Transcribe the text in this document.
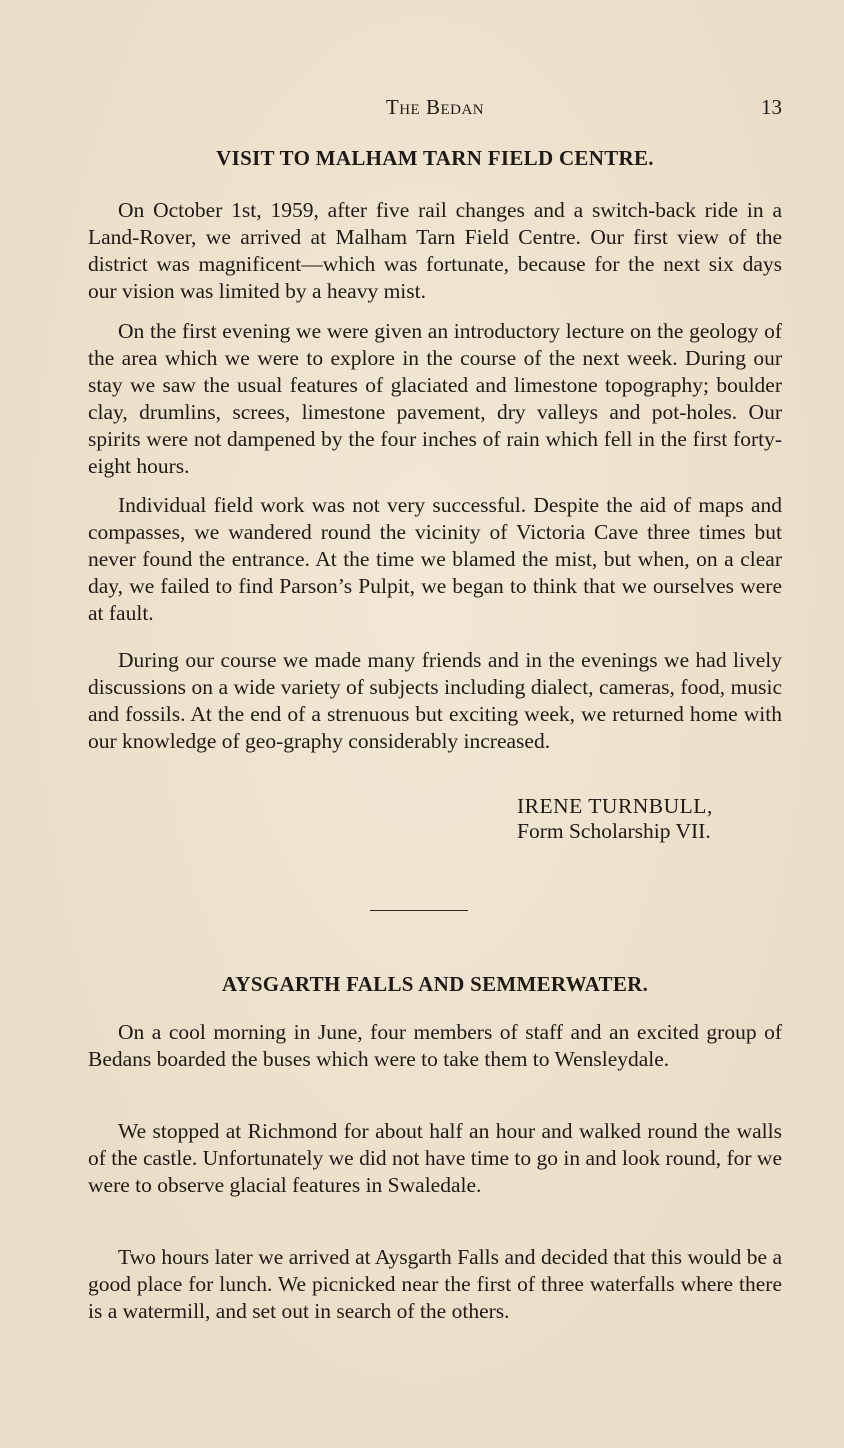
The Bedan	13
VISIT TO MALHAM TARN FIELD CENTRE.

On October 1st, 1959, after five rail changes and a switch-back ride in a Land-Rover, we arrived at Malham Tarn Field Centre. Our first view of the district was magnificent—which was fortunate, because for the next six days our vision was limited by a heavy mist.

On the first evening we were given an introductory lecture on the geology of the area which we were to explore in the course of the next week. During our stay we saw the usual features of glaciated and limestone topography; boulder clay, drumlins, screes, limestone pavement, dry valleys and pot-holes. Our spirits were not dampened by the four inches of rain which fell in the first forty-eight hours.

Individual field work was not very successful. Despite the aid of maps and compasses, we wandered round the vicinity of Victoria Cave three times but never found the entrance. At the time we blamed the mist, but when, on a clear day, we failed to find Parson’s Pulpit, we began to think that we ourselves were at fault.

During our course we made many friends and in the evenings we had lively discussions on a wide variety of subjects including dialect, cameras, food, music and fossils. At the end of a strenuous but exciting week, we returned home with our knowledge of geo-graphy considerably increased.

IRENE TURNBULL,
Form Scholarship VII.
AYSGARTH FALLS AND SEMMERWATER.

On a cool morning in June, four members of staff and an excited group of Bedans boarded the buses which were to take them to Wensleydale.

We stopped at Richmond for about half an hour and walked round the walls of the castle. Unfortunately we did not have time to go in and look round, for we were to observe glacial features in Swaledale.

Two hours later we arrived at Aysgarth Falls and decided that this would be a good place for lunch. We picnicked near the first of three waterfalls where there is a watermill, and set out in search of the others.
